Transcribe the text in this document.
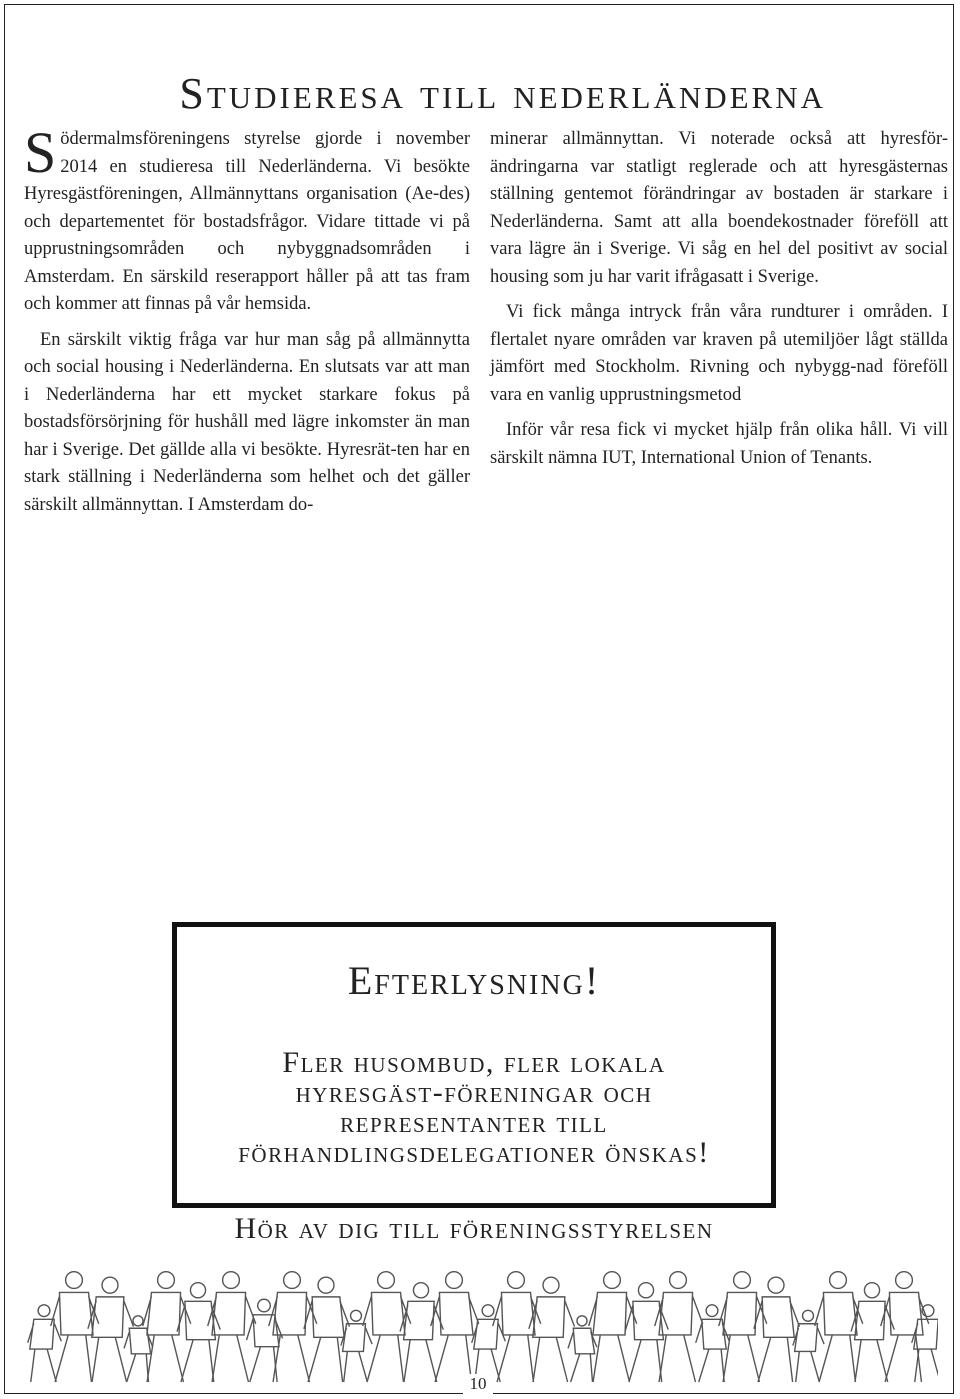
Studieresa till nederländerna

Södermalmsföreningens styrelse gjorde i november 2014 en studieresa till Nederländerna. Vi besökte Hyresgästföreningen, Allmännyttans organisation (Ae-des) och departementet för bostadsfrågor. Vidare tittade vi på upprustningsområden och nybyggnadsområden i Amsterdam. En särskild reserapport håller på att tas fram och kommer att finnas på vår hemsida.

En särskilt viktig fråga var hur man såg på allmännytta och social housing i Nederländerna. En slutsats var att man i Nederländerna har ett mycket starkare fokus på bostadsförsörjning för hushåll med lägre inkomster än man har i Sverige. Det gällde alla vi besökte. Hyresrät-ten har en stark ställning i Nederländerna som helhet och det gäller särskilt allmännyttan. I Amsterdam do-

minerar allmännyttan. Vi noterade också att hyresför-ändringarna var statligt reglerade och att hyresgästernas ställning gentemot förändringar av bostaden är starkare i Nederländerna. Samt att alla boendekostnader föreföll att vara lägre än i Sverige. Vi såg en hel del positivt av social housing som ju har varit ifrågasatt i Sverige.

Vi fick många intryck från våra rundturer i områden. I flertalet nyare områden var kraven på utemiljöer lågt ställda jämfört med Stockholm. Rivning och nybygg-nad föreföll vara en vanlig upprustningsmetod

Inför vår resa fick vi mycket hjälp från olika håll. Vi vill särskilt nämna IUT, International Union of Tenants.

Efterlysning!
Fler husombud, fler lokala hyresgäst-föreningar och representanter till förhandlingsdelegationer önskas!
Hör av dig till föreningsstyrelsen
10
